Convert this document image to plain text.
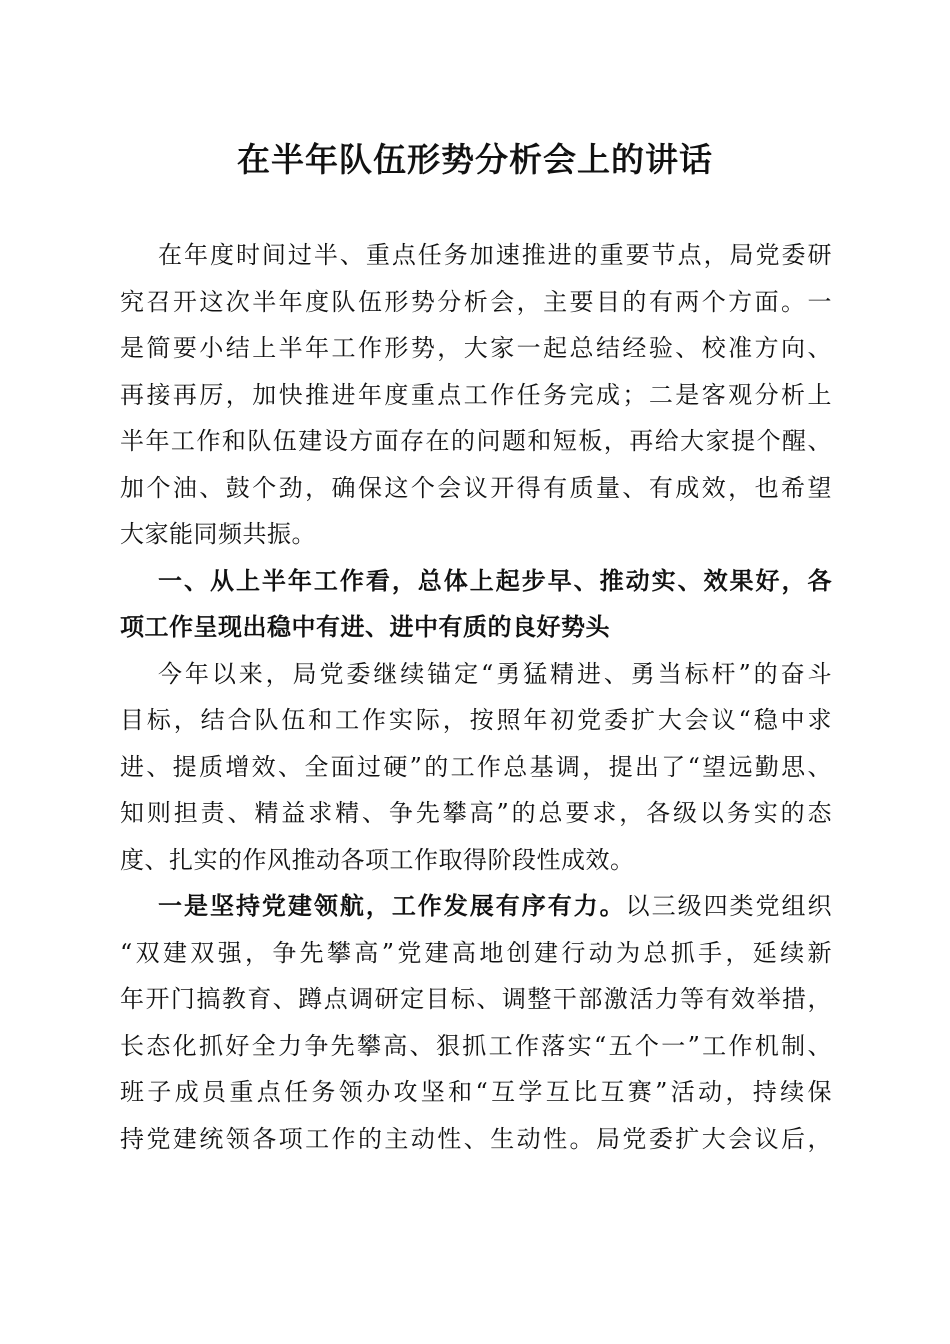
在半年队伍形势分析会上的讲话
在年度时间过半、重点任务加速推进的重要节点，局党委研
究召开这次半年度队伍形势分析会，主要目的有两个方面。一
是简要小结上半年工作形势，大家一起总结经验、校准方向、
再接再厉，加快推进年度重点工作任务完成；二是客观分析上
半年工作和队伍建设方面存在的问题和短板，再给大家提个醒、
加个油、鼓个劲，确保这个会议开得有质量、有成效，也希望
大家能同频共振。
一、从上半年工作看，总体上起步早、推动实、效果好，各
项工作呈现出稳中有进、进中有质的良好势头
今年以来，局党委继续锚定“勇猛精进、勇当标杆”的奋斗
目标，结合队伍和工作实际，按照年初党委扩大会议“稳中求
进、提质增效、全面过硬”的工作总基调，提出了“望远勤思、
知则担责、精益求精、争先攀高”的总要求，各级以务实的态
度、扎实的作风推动各项工作取得阶段性成效。
一是坚持党建领航，工作发展有序有力。以三级四类党组织
“双建双强，争先攀高”党建高地创建行动为总抓手，延续新
年开门搞教育、蹲点调研定目标、调整干部激活力等有效举措，
长态化抓好全力争先攀高、狠抓工作落实“五个一”工作机制、
班子成员重点任务领办攻坚和“互学互比互赛”活动，持续保
持党建统领各项工作的主动性、生动性。局党委扩大会议后，
